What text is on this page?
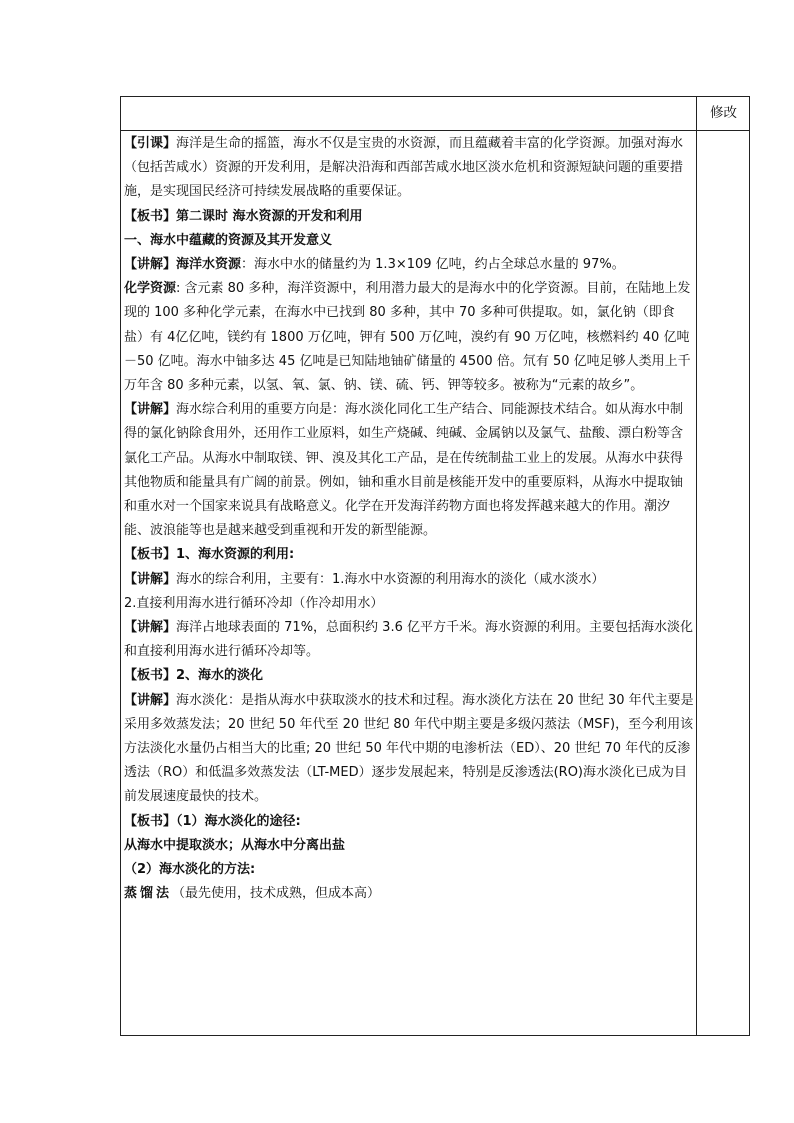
修改

【引课】海洋是生命的摇篮，海水不仅是宝贵的水资源，而且蕴藏着丰富的化学资源。加强对海水（包括苦咸水）资源的开发利用，是解决沿海和西部苦咸水地区淡水危机和资源短缺问题的重要措施，是实现国民经济可持续发展战略的重要保证。

【板书】第二课时 海水资源的开发和利用

一、海水中蕴藏的资源及其开发意义

【讲解】海洋水资源：海水中水的储量约为 1.3×109 亿吨，约占全球总水量的 97%。

化学资源: 含元素 80 多种，海洋资源中，利用潜力最大的是海水中的化学资源。目前，在陆地上发现的 100 多种化学元素，在海水中已找到 80 多种，其中 70 多种可供提取。如，氯化钠（即食盐）有 4亿亿吨，镁约有 1800 万亿吨，钾有 500 万亿吨，溴约有 90 万亿吨，核燃料约 40 亿吨－50 亿吨。海水中铀多达 45 亿吨是已知陆地铀矿储量的 4500 倍。氘有 50 亿吨足够人类用上千万年含 80 多种元素，以氢、氧、氯、钠、镁、硫、钙、钾等较多。被称为“元素的故乡”。

【讲解】海水综合利用的重要方向是：海水淡化同化工生产结合、同能源技术结合。如从海水中制得的氯化钠除食用外，还用作工业原料，如生产烧碱、纯碱、金属钠以及氯气、盐酸、漂白粉等含氯化工产品。从海水中制取镁、钾、溴及其化工产品，是在传统制盐工业上的发展。从海水中获得其他物质和能量具有广阔的前景。例如，铀和重水目前是核能开发中的重要原料，从海水中提取铀和重水对一个国家来说具有战略意义。化学在开发海洋药物方面也将发挥越来越大的作用。潮汐能、波浪能等也是越来越受到重视和开发的新型能源。

【板书】1、海水资源的利用:

【讲解】海水的综合利用，主要有：1.海水中水资源的利用海水的淡化（咸水淡水）

2.直接利用海水进行循环冷却（作冷却用水）

【讲解】海洋占地球表面的 71%，总面积约 3.6 亿平方千米。海水资源的利用。主要包括海水淡化和直接利用海水进行循环冷却等。

【板书】2、海水的淡化

【讲解】海水淡化：是指从海水中获取淡水的技术和过程。海水淡化方法在 20 世纪 30 年代主要是采用多效蒸发法；20 世纪 50 年代至 20 世纪 80 年代中期主要是多级闪蒸法（MSF)，至今利用该方法淡化水量仍占相当大的比重; 20 世纪 50 年代中期的电渗析法（ED）、20 世纪 70 年代的反渗透法（RO）和低温多效蒸发法（LT-MED）逐步发展起来，特别是反渗透法(RO)海水淡化已成为目前发展速度最快的技术。

【板书】（1）海水淡化的途径:

从海水中提取淡水；从海水中分离出盐

（2）海水淡化的方法:

蒸馏法（最先使用，技术成熟，但成本高）
